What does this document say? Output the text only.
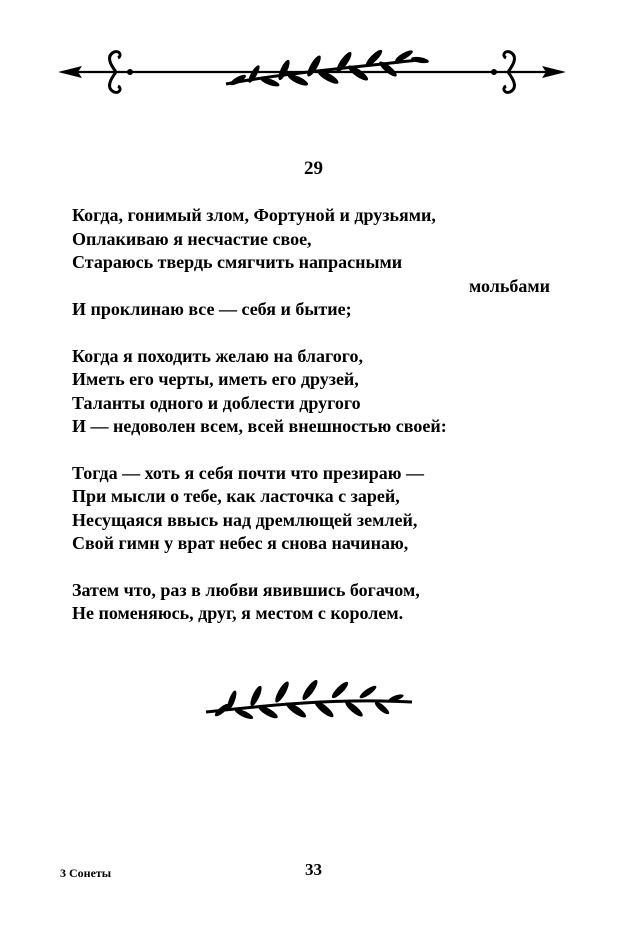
29
Когда, гонимый злом, Фортуной и друзьями,
Оплакиваю я несчастие свое,
Стараюсь твердь смягчить напрасными
мольбами
И проклинаю все — себя и бытие;
Когда я походить желаю на благого,
Иметь его черты, иметь его друзей,
Таланты одного и доблести другого
И — недоволен всем, всей внешностью своей:
Тогда — хоть я себя почти что презираю —
При мысли о тебе, как ласточка с зарей,
Несущаяся ввысь над дремлющей землей,
Свой гимн у врат небес я снова начинаю,
Затем что, раз в любви явившись богачом,
Не поменяюсь, друг, я местом с королем.
3 Сонеты	33
